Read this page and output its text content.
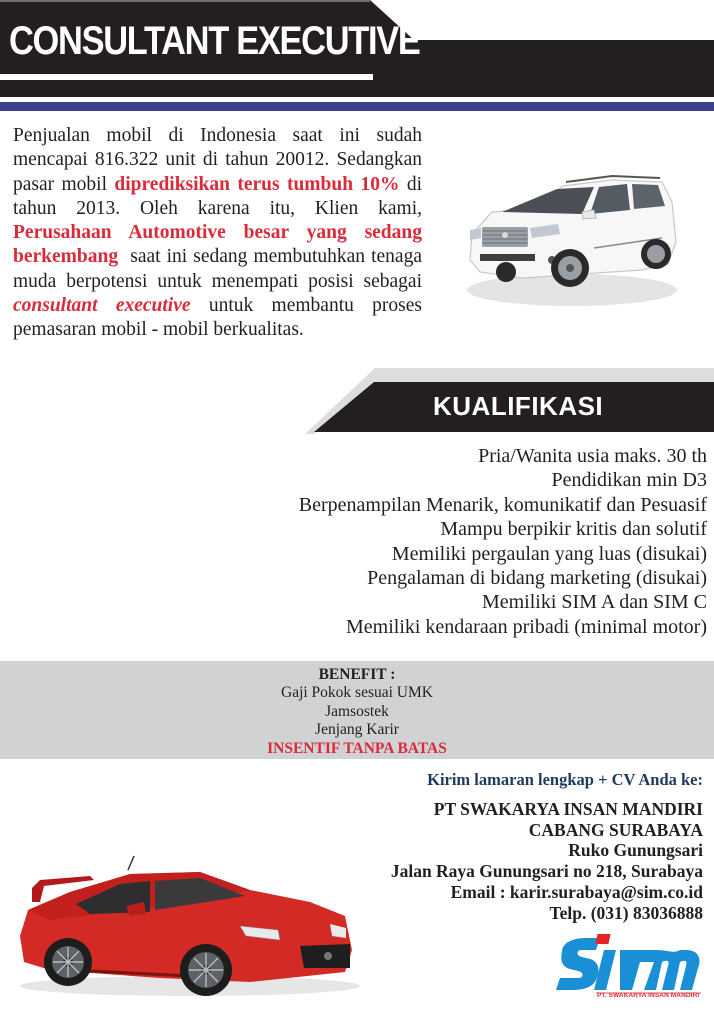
CONSULTANT EXECUTIVE

Penjualan mobil di Indonesia saat ini sudah mencapai 816.322 unit di tahun 20012. Sedangkan pasar mobil diprediksikan terus tumbuh 10% di tahun 2013. Oleh karena itu, Klien kami, Perusahaan Automotive besar yang sedang berkembang  saat ini sedang membutuhkan tenaga muda berpotensi untuk menempati posisi sebagai consultant executive untuk membantu proses pemasaran mobil - mobil berkualitas.

KUALIFIKASI
Pria/Wanita usia maks. 30 th
Pendidikan min D3
Berpenampilan Menarik, komunikatif dan Pesuasif
Mampu berpikir kritis dan solutif
Memiliki pergaulan yang luas (disukai)
Pengalaman di bidang marketing (disukai)
Memiliki SIM A dan SIM C
Memiliki kendaraan pribadi (minimal motor)
BENEFIT :
Gaji Pokok sesuai UMK
Jamsostek
Jenjang Karir
INSENTIF TANPA BATAS
Kirim lamaran lengkap + CV Anda ke:
PT SWAKARYA INSAN MANDIRI
CABANG SURABAYA
Ruko Gunungsari
Jalan Raya Gunungsari no 218, Surabaya
Email : karir.surabaya@sim.co.id
Telp. (031) 83036888
PT. SWAKARYA INSAN MANDIRI
